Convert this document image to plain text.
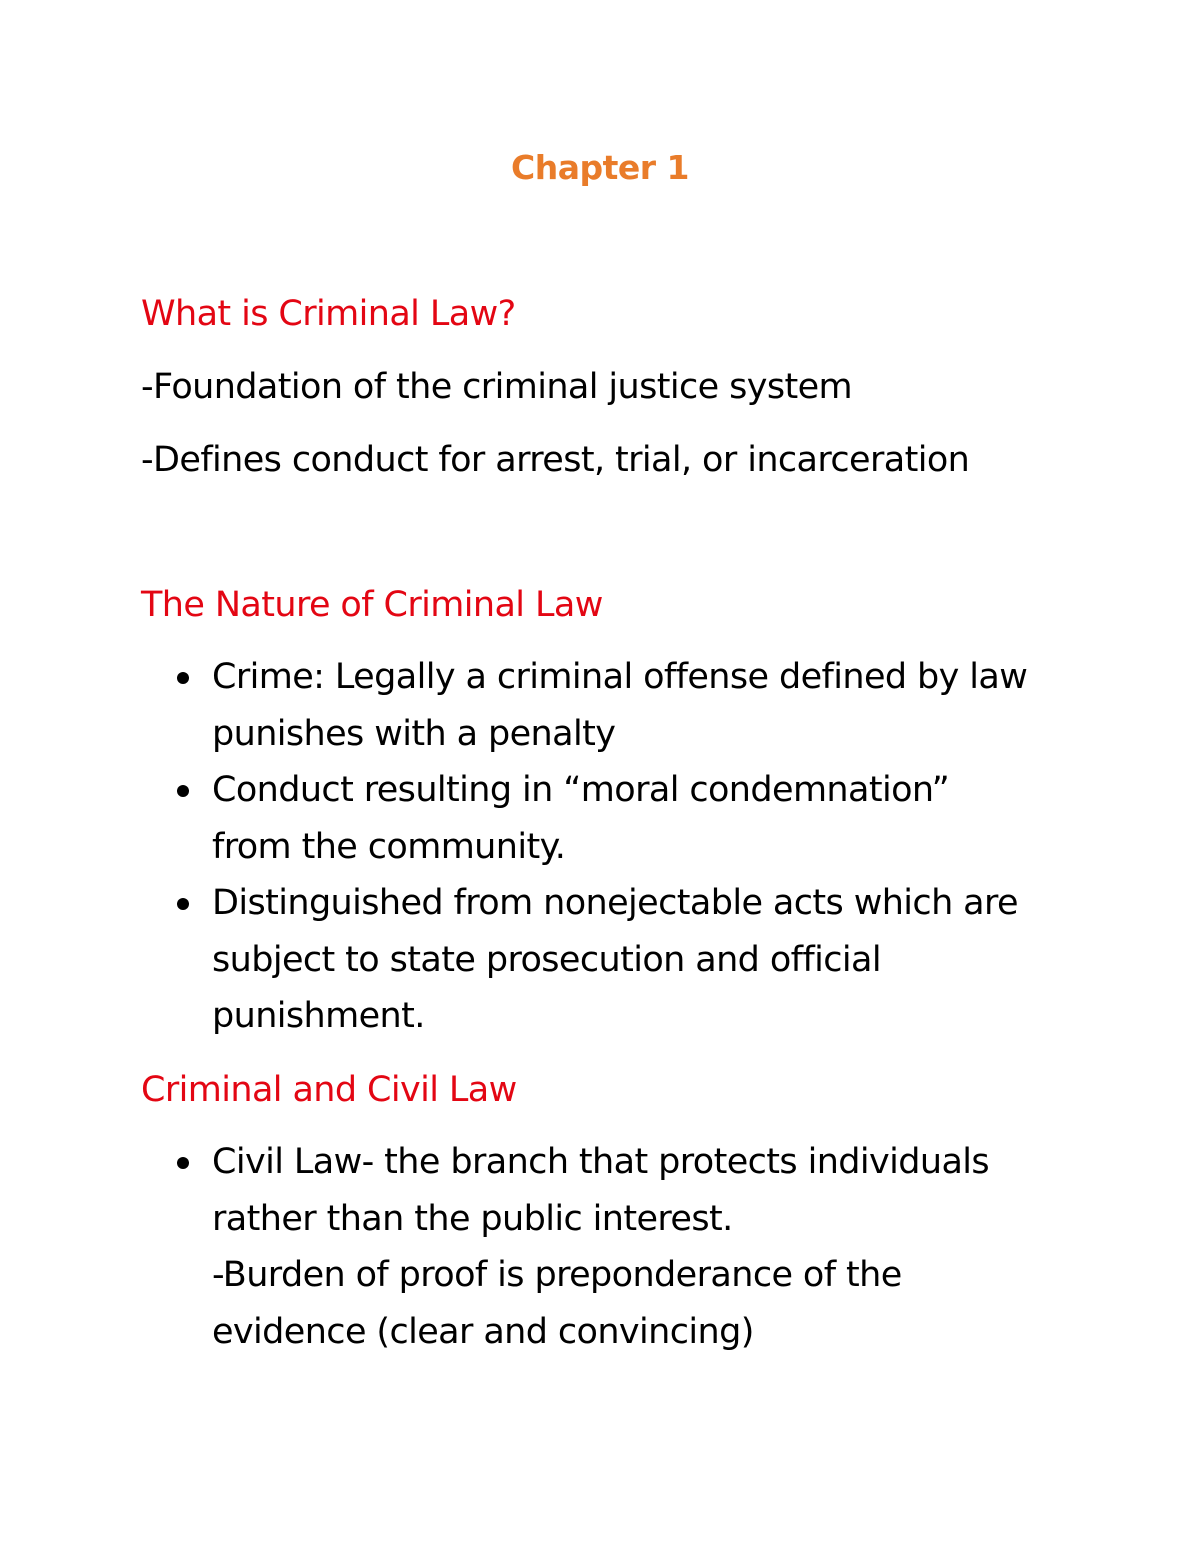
Chapter 1
What is Criminal Law?
-Foundation of the criminal justice system
-Defines conduct for arrest, trial, or incarceration
The Nature of Criminal Law
Crime: Legally a criminal offense defined by law
punishes with a penalty
Conduct resulting in “moral condemnation”
from the community.
Distinguished from nonejectable acts which are
subject to state prosecution and official
punishment.
Criminal and Civil Law
Civil Law- the branch that protects individuals
rather than the public interest.
-Burden of proof is preponderance of the
evidence (clear and convincing)
